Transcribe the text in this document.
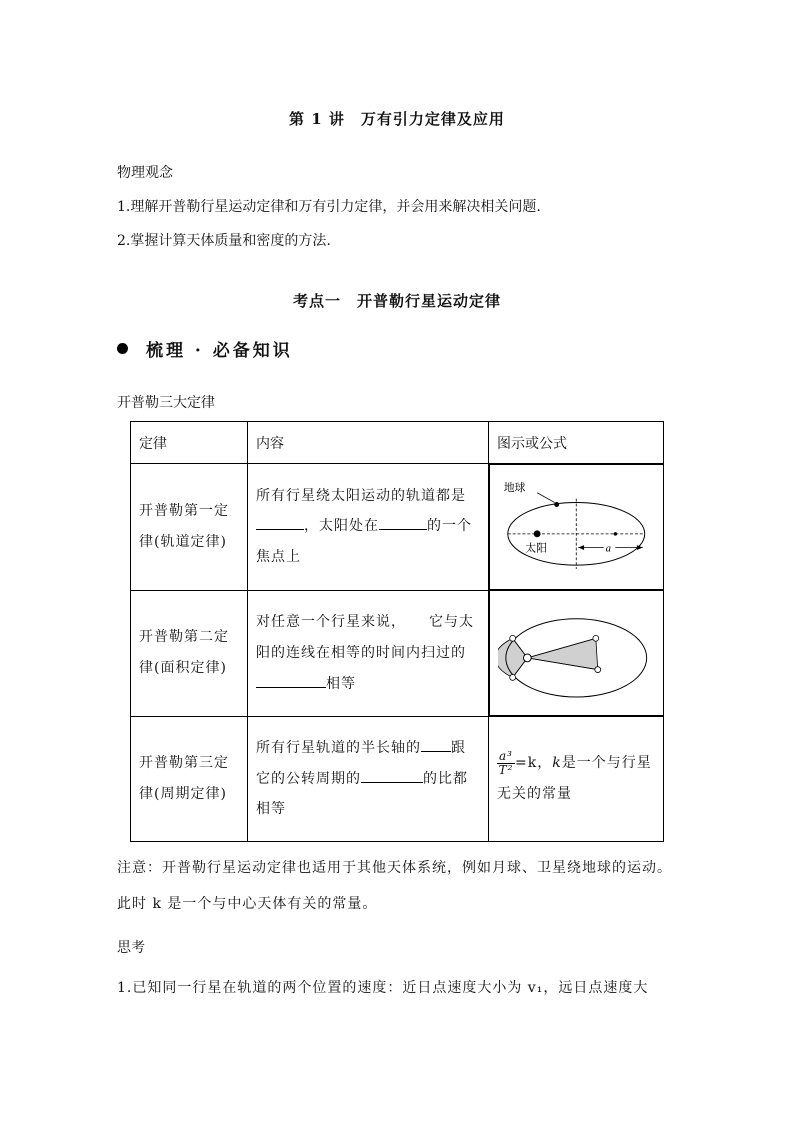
第 1 讲　万有引力定律及应用
物理观念
1.理解开普勒行星运动定律和万有引力定律，并会用来解决相关问题.
2.掌握计算天体质量和密度的方法.
考点一　开普勒行星运动定律
梳理 · 必备知识
开普勒三大定律
定律	内容	图示或公式

开普勒第一定律(轨道定律)	所有行星绕太阳运动的轨道都是，太阳处在 的一个焦点上

地球
太阳	a

开普勒第二定律(面积定律)	对任意一个行星来说，　　它与太阳的连线在相等的时间内扫过的相等

开普勒第三定律(周期定律)	所有行星轨道的半长轴的 跟它的公转周期的 的比都相等	$\frac{\text{a³}}{\text{T²}} =k$，k是一个与行星无关的常量
注意：开普勒行星运动定律也适用于其他天体系统，例如月球、卫星绕地球的运动。此时 k 是一个与中心天体有关的常量。
思考
1.已知同一行星在轨道的两个位置的速度：近日点速度大小为 v₁，远日点速度大
